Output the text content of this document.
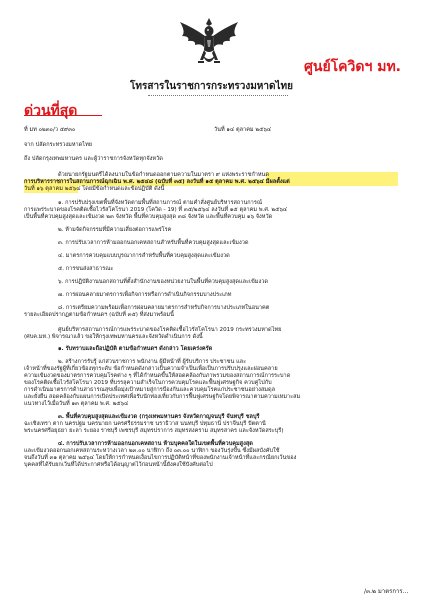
ศูนย์โควิดฯ มท.
โทรสารในราชการกระทรวงมหาดไทย
ด่วนที่สุด
ที่ มท ๐๒๓๐/ว ๕๙๓๐	วันที่ ๑๔ ตุลาคม ๒๕๖๔
จาก ปลัดกระทรวงมหาดไทย
ถึง ปลัดกรุงเทพมหานคร และผู้ว่าราชการจังหวัดทุกจังหวัด
ด้วยนายกรัฐมนตรีได้ลงนามในข้อกำหนดออกตามความในมาตรา ๙ แห่งพระราชกำหนด
การบริหารราชการในสถานการณ์ฉุกเฉิน พ.ศ. ๒๕๔๘ (ฉบับที่ ๓๕) ลงวันที่ ๑๕ ตุลาคม พ.ศ. ๒๕๖๔ มีผลตั้งแต่
วันที่ ๑๖ ตุลาคม ๒๕๖๔ โดยมีข้อกำหนดและข้อปฏิบัติ ดังนี้
๑. การปรับปรุงเขตพื้นที่จังหวัดตามพื้นที่สถานการณ์ ตามคำสั่งศูนย์บริหารสถานการณ์
การแพร่ระบาดของโรคติดเชื้อไวรัสโคโรนา 2019 (โควิด - 19) ที่ ๓๕/๒๕๖๔ ลงวันที่ ๑๕ ตุลาคม พ.ศ. ๒๕๖๔
เป็นพื้นที่ควบคุมสูงสุดและเข้มงวด ๒๓ จังหวัด พื้นที่ควบคุมสูงสุด ๓๘ จังหวัด และพื้นที่ควบคุม ๑๖ จังหวัด
๒. ห้ามจัดกิจกรรมที่มีความเสี่ยงต่อการแพร่โรค
๓. การปรับเวลาการห้ามออกนอกเคหสถานสำหรับพื้นที่ควบคุมสูงสุดและเข้มงวด
๔. มาตรการควบคุมแบบบูรณาการสำหรับพื้นที่ควบคุมสูงสุดและเข้มงวด
๕. การขนส่งสาธารณะ
๖. การปฏิบัติงานนอกสถานที่ตั้งสำนักงานของหน่วยงานในพื้นที่ควบคุมสูงสุดและเข้มงวด
๗. การผ่อนคลายมาตรการเพื่อกิจการหรือการดำเนินกิจกรรมบางประเภท
๘. การเตรียมความพร้อมเพื่อการผ่อนคลายมาตรการสำหรับกิจการบางประเภทในอนาคต
รายละเอียดปรากฏตามข้อกำหนดฯ (ฉบับที่ ๓๕) ที่ส่งมาพร้อมนี้
ศูนย์บริหารสถานการณ์การแพร่ระบาดของโรคติดเชื้อไวรัสโคโรนา 2019 กระทรวงมหาดไทย
(ศบค.มท.) พิจารณาแล้ว ขอให้กรุงเทพมหานครและจังหวัดดำเนินการ ดังนี้
๑. รับทราบและถือปฏิบัติ ตามข้อกำหนดฯ ดังกล่าว โดยเคร่งครัด
๒. สร้างการรับรู้ แก่ส่วนราชการ พนักงาน ผู้มีหน้าที่ ผู้รับบริการ ประชาชน และ
เจ้าหน้าที่ของรัฐผู้ที่เกี่ยวข้องทุกระดับ ข้อกำหนดดังกล่าวเป็นความจำเป็นเพื่อเป็นการปรับปรุงและผ่อนคลาย
ความเข้มงวดของมาตรการควบคุมโรคต่าง ๆ ที่ได้กำหนดขึ้นให้สอดคล้องกับภาพรวมของสถานการณ์การระบาด
ของโรคติดเชื้อไวรัสโคโรนา 2019 ที่บรรลุความสำเร็จในการควบคุมโรคและฟื้นฟูเศรษฐกิจ ควบคู่ไปกับ
การดำเนินมาตรการด้านสาธารณสุขเพื่อมุ่งเป้าหมายสู่การป้องกันและควบคุมโรคแก่ประชาชนอย่างสมดุล
และยั่งยืน สอดคล้องกับแผนการเปิดประเทศเพื่อรับนักท่องเที่ยวกับการฟื้นฟูเศรษฐกิจโดยพิจารณาตามความเหมาะสม
แนวทางไว้เมื่อวันที่ ๑๓ ตุลาคม พ.ศ. ๒๕๖๔
๓. พื้นที่ควบคุมสูงสุดและเข้มงวด (กรุงเทพมหานคร จังหวัดกาญจนบุรี จันทบุรี ชลบุรี
ฉะเชิงเทรา ตาก นครปฐม นครนายก นครศรีธรรมราช นราธิวาส นนทบุรี ปทุมธานี ปราจีนบุรี ปัตตานี
พระนครศรีอยุธยา ยะลา ระยอง ราชบุรี เพชรบุรี สมุทรปราการ สมุทรสงคราม สมุทรสาคร และจังหวัดสระบุรี)
๔. การปรับเวลาการห้ามออกนอกเคหสถาน ห้ามบุคคลใดในเขตพื้นที่ควบคุมสูงสุด
และเข้มงวดออกนอกเคหสถานระหว่างเวลา ๒๓.๐๐ นาฬิกา ถึง ๐๓.๐๐ นาฬิกา ของวันรุ่งขึ้น ซึ่งมีผลบังคับใช้
จนถึงวันที่ ๓๑ ตุลาคม ๒๕๖๔ โดยให้การกำหนดเงื่อนไขการปฏิบัติหน้าที่ของพนักงานเจ้าหน้าที่และกรณียกเว้นของ
บุคคลที่ได้รับยกเว้นที่ได้ประกาศหรือได้อนุญาตไว้ก่อนหน้านี้ยังคงใช้บังคับต่อไป
/๓.๒ มาตรการ...
